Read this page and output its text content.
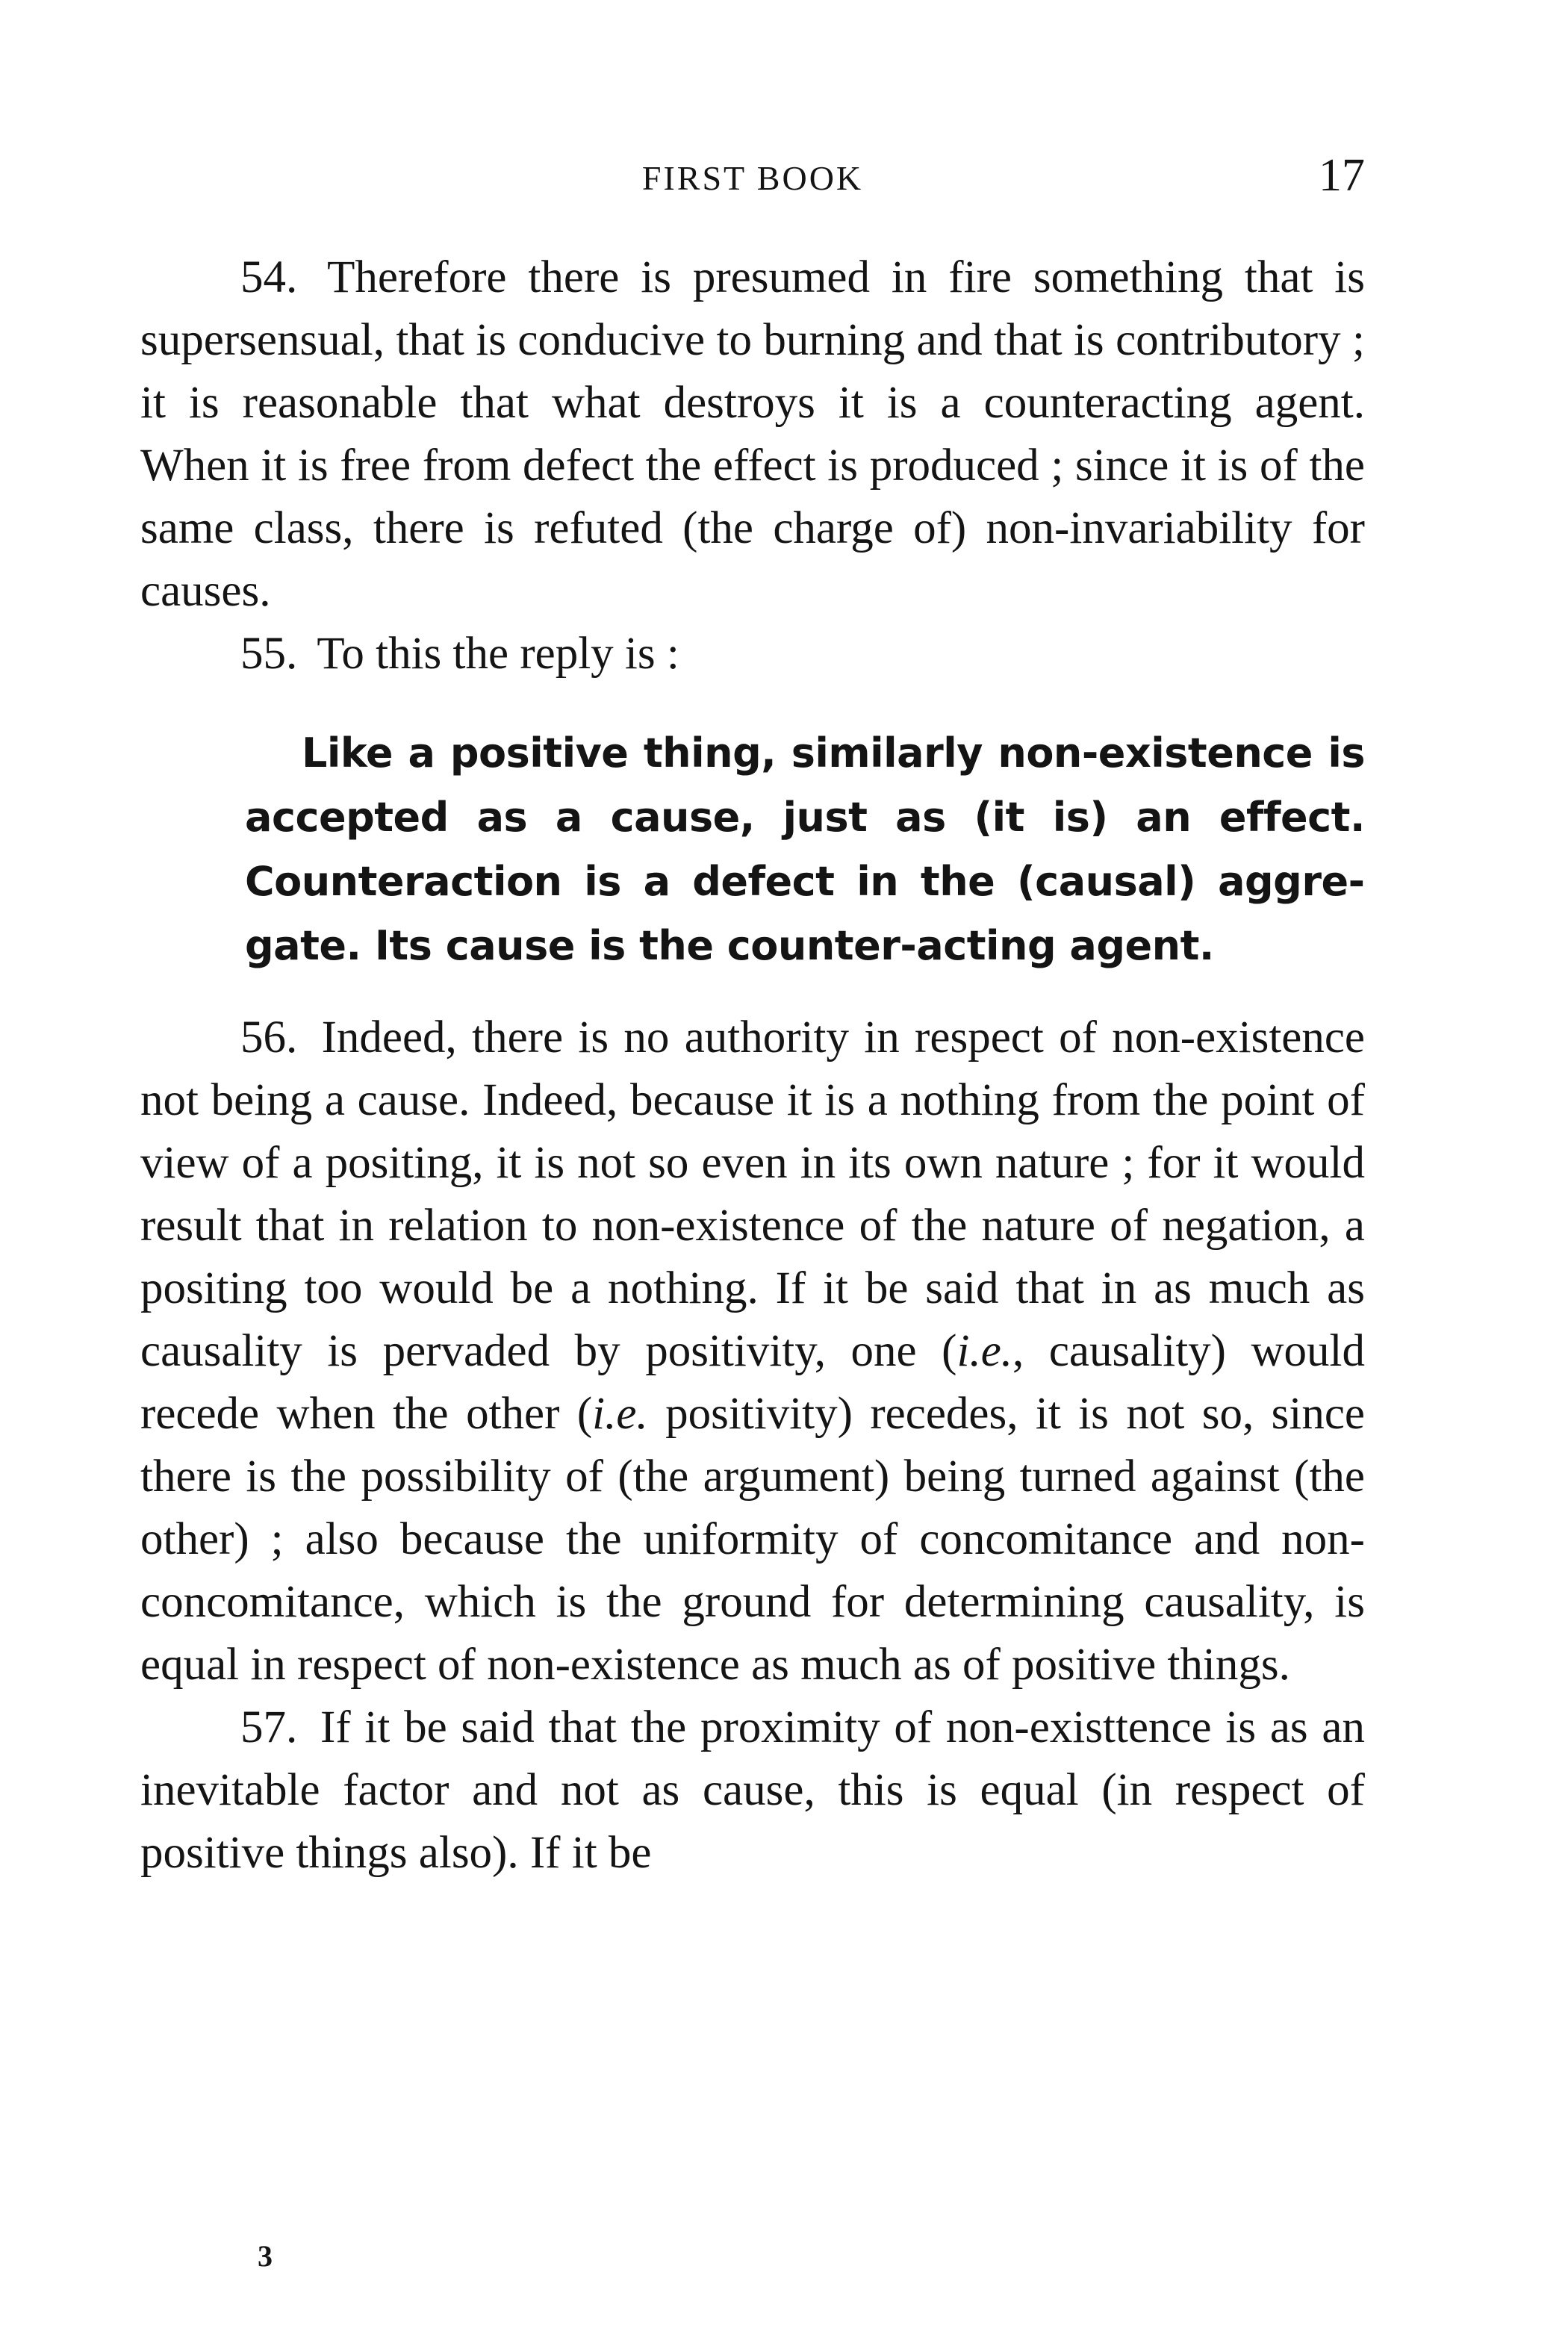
FIRST BOOK	17

54. Therefore there is presumed in fire something that is supersensual, that is conducive to burning and that is contributory ; it is reasonable that what destroys it is a counteracting agent. When it is free from defect the effect is produced ; since it is of the same class, there is refuted (the charge of) non-invariability for causes.

55. To this the reply is :

Like a positive thing, similarly non-existence is accepted as a cause, just as (it is) an effect. Counteraction is a defect in the (causal) aggregate. Its cause is the counter-acting agent.

56. Indeed, there is no authority in respect of non-existence not being a cause. Indeed, because it is a nothing from the point of view of a positing, it is not so even in its own nature ; for it would result that in relation to non-existence of the nature of negation, a positing too would be a nothing. If it be said that in as much as causality is pervaded by positivity, one (i.e., causality) would recede when the other (i.e. positivity) recedes, it is not so, since there is the possibility of (the argument) being turned against (the other) ; also because the uniformity of concomitance and non-concomitance, which is the ground for determining causality, is equal in respect of non-existence as much as of positive things.

57. If it be said that the proximity of non-existtence is as an inevitable factor and not as cause, this is equal (in respect of positive things also). If it be

3
